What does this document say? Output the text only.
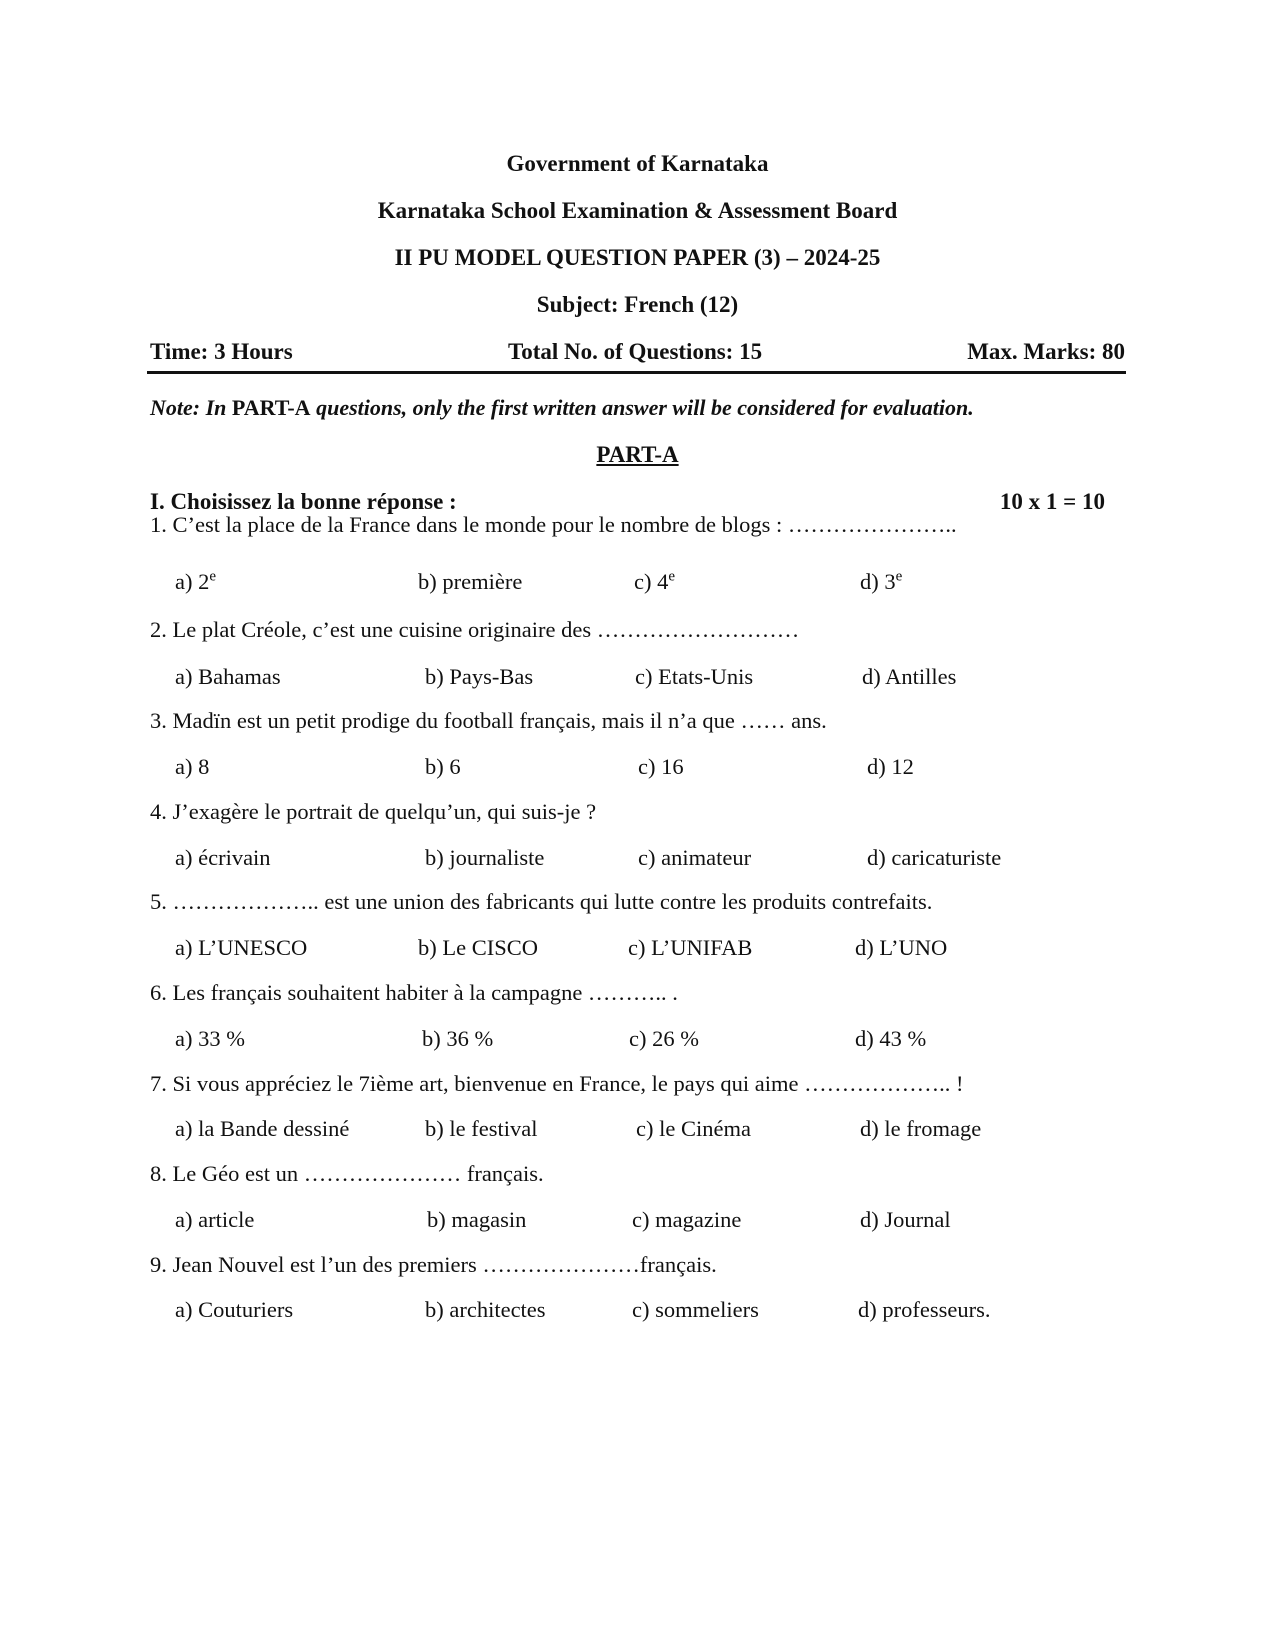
Government of Karnataka
Karnataka School Examination & Assessment Board
II PU MODEL QUESTION PAPER (3) – 2024-25
Subject: French (12)
Time: 3 Hours	Total No. of Questions: 15	Max. Marks: 80
Note: In PART-A questions, only the first written answer will be considered for evaluation.
PART-A
I. Choisissez la bonne réponse :	10 x 1 = 10
1. C’est la place de la France dans le monde pour le nombre de blogs : …………………..
a) 2e	b) première	c) 4e	d) 3e
2. Le plat Créole, c’est une cuisine originaire des ………………………
a) Bahamas	b) Pays-Bas	c) Etats-Unis	d) Antilles
3. Madïn est un petit prodige du football français, mais il n’a que …… ans.
a) 8	b) 6	c) 16	d) 12
4. J’exagère le portrait de quelqu’un, qui suis-je ?
a) écrivain	b) journaliste	c) animateur	d) caricaturiste
5. ……………….. est une union des fabricants qui lutte contre les produits contrefaits.
a) L’UNESCO	b) Le CISCO	c) L’UNIFAB	d) L’UNO
6. Les français souhaitent habiter à la campagne ……….. .
a) 33 %	b) 36 %	c) 26 %	d) 43 %
7. Si vous appréciez le 7ième art, bienvenue en France, le pays qui aime ……………….. !
a) la Bande dessiné	b) le festival	c) le Cinéma	d) le fromage
8. Le Géo est un ………………… français.
a) article	b) magasin	c) magazine	d) Journal
9. Jean Nouvel est l’un des premiers …………………français.
a) Couturiers	b) architectes	c) sommeliers	d) professeurs.
